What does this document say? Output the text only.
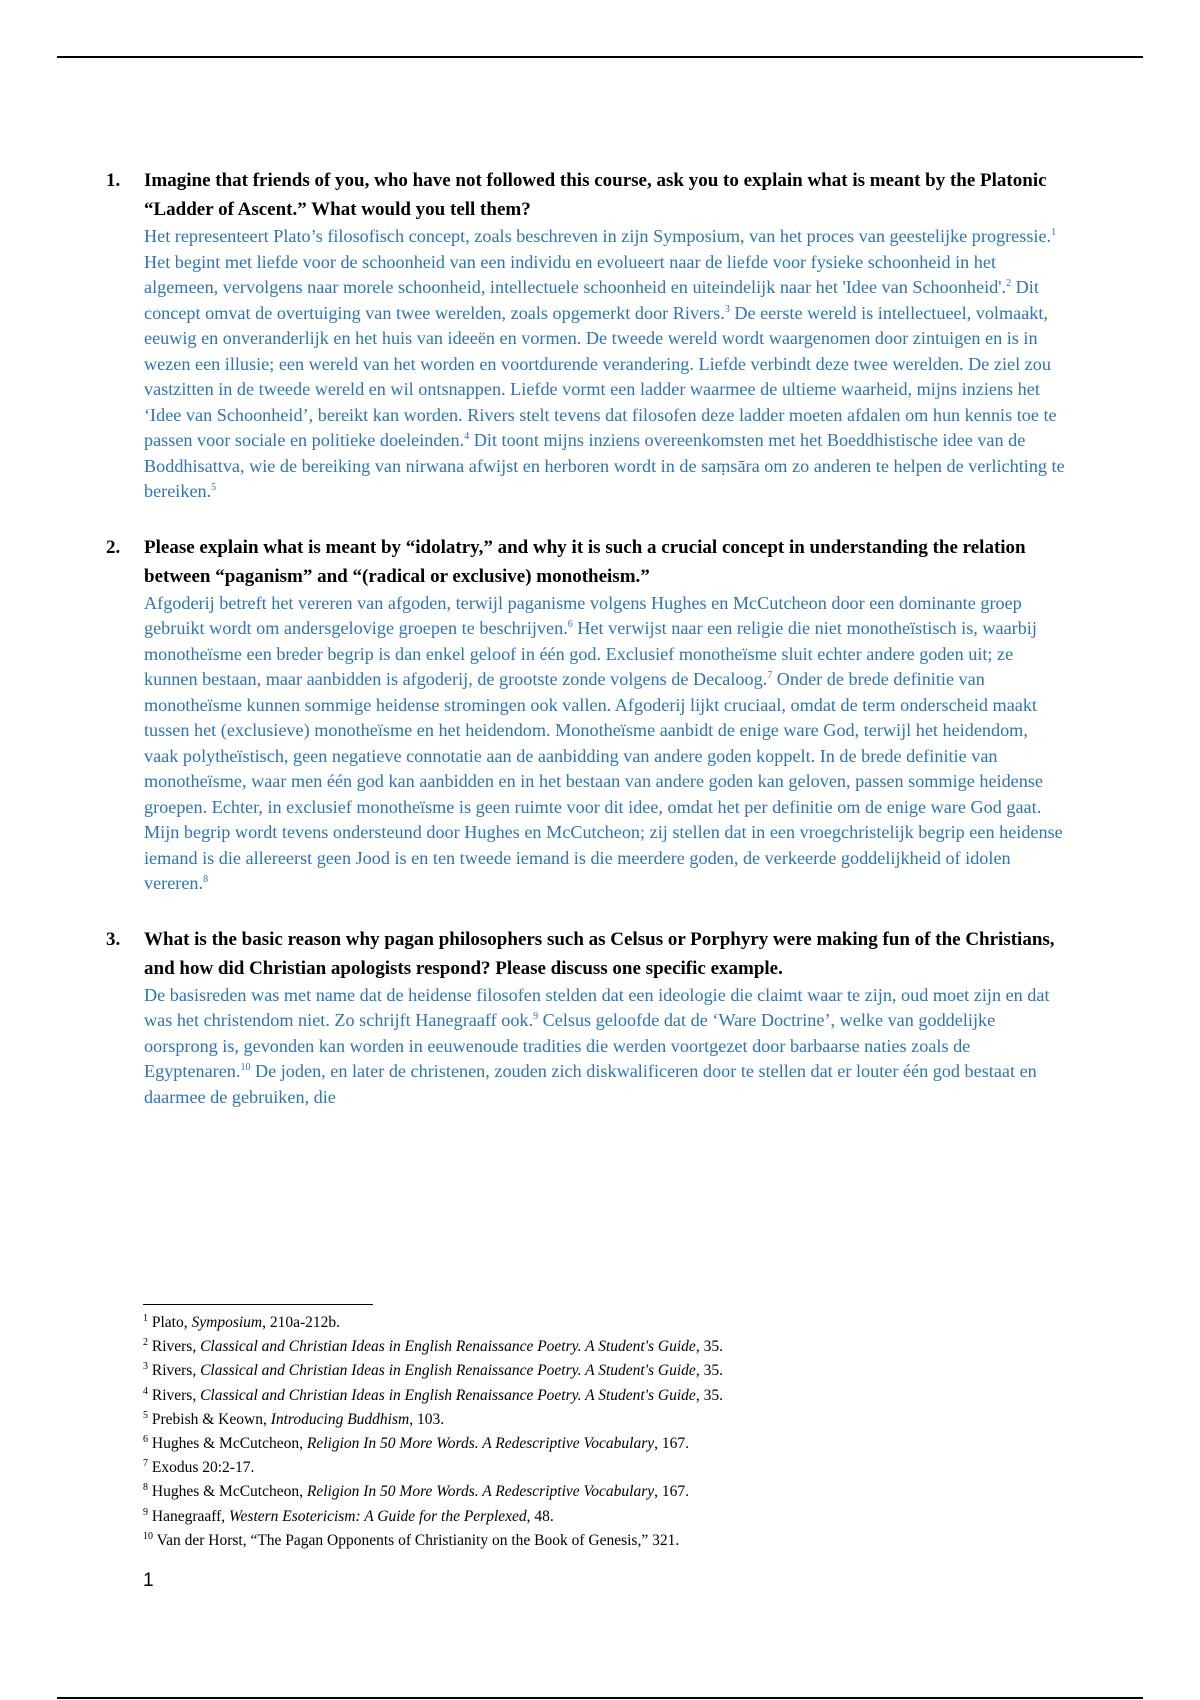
1. Imagine that friends of you, who have not followed this course, ask you to explain what is meant by the Platonic “Ladder of Ascent.” What would you tell them?

Het representeert Plato’s filosofisch concept, zoals beschreven in zijn Symposium, van het proces van geestelijke progressie.$^1$ Het begint met liefde voor de schoonheid van een individu en evolueert naar de liefde voor fysieke schoonheid in het algemeen, vervolgens naar morele schoonheid, intellectuele schoonheid en uiteindelijk naar het 'Idee van Schoonheid'.$^2$ Dit concept omvat de overtuiging van twee werelden, zoals opgemerkt door Rivers.$^3$ De eerste wereld is intellectueel, volmaakt, eeuwig en onveranderlijk en het huis van ideeën en vormen. De tweede wereld wordt waargenomen door zintuigen en is in wezen een illusie; een wereld van het worden en voortdurende verandering. Liefde verbindt deze twee werelden. De ziel zou vastzitten in de tweede wereld en wil ontsnappen. Liefde vormt een ladder waarmee de ultieme waarheid, mijns inziens het ‘Idee van Schoonheid’, bereikt kan worden. Rivers stelt tevens dat filosofen deze ladder moeten afdalen om hun kennis toe te passen voor sociale en politieke doeleinden.$^4$ Dit toont mijns inziens overeenkomsten met het Boeddhistische idee van de Boddhisattva, wie de bereiking van nirwana afwijst en herboren wordt in de saṃsāra om zo anderen te helpen de verlichting te bereiken.$^5$

2. Please explain what is meant by “idolatry,” and why it is such a crucial concept in understanding the relation between “paganism” and “(radical or exclusive) monotheism.”

Afgoderij betreft het vereren van afgoden, terwijl paganisme volgens Hughes en McCutcheon door een dominante groep gebruikt wordt om andersgelovige groepen te beschrijven.$^6$ Het verwijst naar een religie die niet monotheïstisch is, waarbij monotheïsme een breder begrip is dan enkel geloof in één god. Exclusief monotheïsme sluit echter andere goden uit; ze kunnen bestaan, maar aanbidden is afgoderij, de grootste zonde volgens de Decaloog.$^7$ Onder de brede definitie van monotheïsme kunnen sommige heidense stromingen ook vallen. Afgoderij lijkt cruciaal, omdat de term onderscheid maakt tussen het (exclusieve) monotheïsme en het heidendom. Monotheïsme aanbidt de enige ware God, terwijl het heidendom, vaak polytheïstisch, geen negatieve connotatie aan de aanbidding van andere goden koppelt. In de brede definitie van monotheïsme, waar men één god kan aanbidden en in het bestaan van andere goden kan geloven, passen sommige heidense groepen. Echter, in exclusief monotheïsme is geen ruimte voor dit idee, omdat het per definitie om de enige ware God gaat. Mijn begrip wordt tevens ondersteund door Hughes en McCutcheon; zij stellen dat in een vroegchristelijk begrip een heidense iemand is die allereerst geen Jood is en ten tweede iemand is die meerdere goden, de verkeerde goddelijkheid of idolen vereren.$^8$

3. What is the basic reason why pagan philosophers such as Celsus or Porphyry were making fun of the Christians, and how did Christian apologists respond? Please discuss one specific example.

De basisreden was met name dat de heidense filosofen stelden dat een ideologie die claimt waar te zijn, oud moet zijn en dat was het christendom niet. Zo schrijft Hanegraaff ook.$^9$ Celsus geloofde dat de ‘Ware Doctrine’, welke van goddelijke oorsprong is, gevonden kan worden in eeuwenoude tradities die werden voortgezet door barbaarse naties zoals de Egyptenaren.$^{10}$ De joden, en later de christenen, zouden zich diskwalificeren door te stellen dat er louter één god bestaat en daarmee de gebruiken, die

$^1$ Plato, Symposium, 210a-212b.
$^2$ Rivers, Classical and Christian Ideas in English Renaissance Poetry. A Student's Guide, 35.
$^3$ Rivers, Classical and Christian Ideas in English Renaissance Poetry. A Student's Guide, 35.
$^4$ Rivers, Classical and Christian Ideas in English Renaissance Poetry. A Student's Guide, 35.
$^5$ Prebish & Keown, Introducing Buddhism, 103.
$^6$ Hughes & McCutcheon, Religion In 50 More Words. A Redescriptive Vocabulary, 167.
$^7$ Exodus 20:2-17.
$^8$ Hughes & McCutcheon, Religion In 50 More Words. A Redescriptive Vocabulary, 167.
$^9$ Hanegraaff, Western Esotericism: A Guide for the Perplexed, 48.
$^{10}$ Van der Horst, “The Pagan Opponents of Christianity on the Book of Genesis,” 321.
1
